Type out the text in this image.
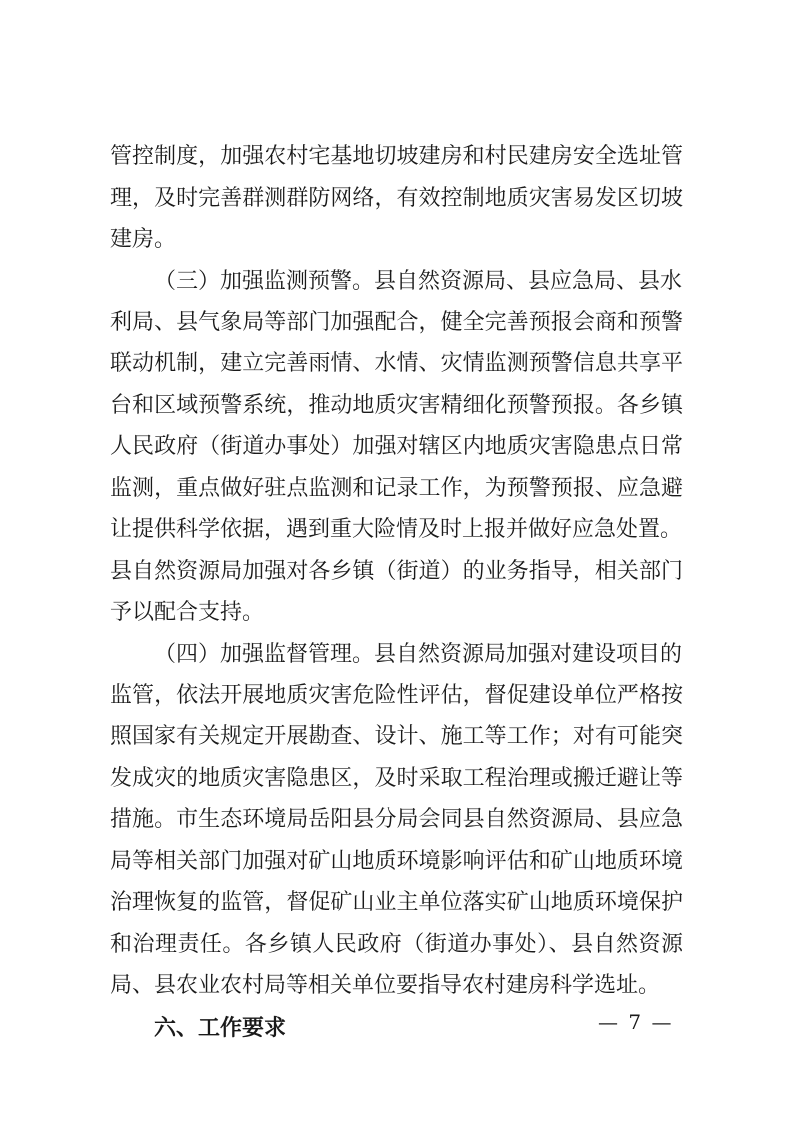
管控制度，加强农村宅基地切坡建房和村民建房安全选址管
理，及时完善群测群防网络，有效控制地质灾害易发区切坡
建房。
（三）加强监测预警。县自然资源局、县应急局、县水
利局、县气象局等部门加强配合，健全完善预报会商和预警
联动机制，建立完善雨情、水情、灾情监测预警信息共享平
台和区域预警系统，推动地质灾害精细化预警预报。各乡镇
人民政府（街道办事处）加强对辖区内地质灾害隐患点日常
监测，重点做好驻点监测和记录工作，为预警预报、应急避
让提供科学依据，遇到重大险情及时上报并做好应急处置。
县自然资源局加强对各乡镇（街道）的业务指导，相关部门
予以配合支持。
（四）加强监督管理。县自然资源局加强对建设项目的
监管，依法开展地质灾害危险性评估，督促建设单位严格按
照国家有关规定开展勘查、设计、施工等工作；对有可能突
发成灾的地质灾害隐患区，及时采取工程治理或搬迁避让等
措施。市生态环境局岳阳县分局会同县自然资源局、县应急
局等相关部门加强对矿山地质环境影响评估和矿山地质环境
治理恢复的监管，督促矿山业主单位落实矿山地质环境保护
和治理责任。各乡镇人民政府（街道办事处）、县自然资源
局、县农业农村局等相关单位要指导农村建房科学选址。
六、工作要求	— 7 —
